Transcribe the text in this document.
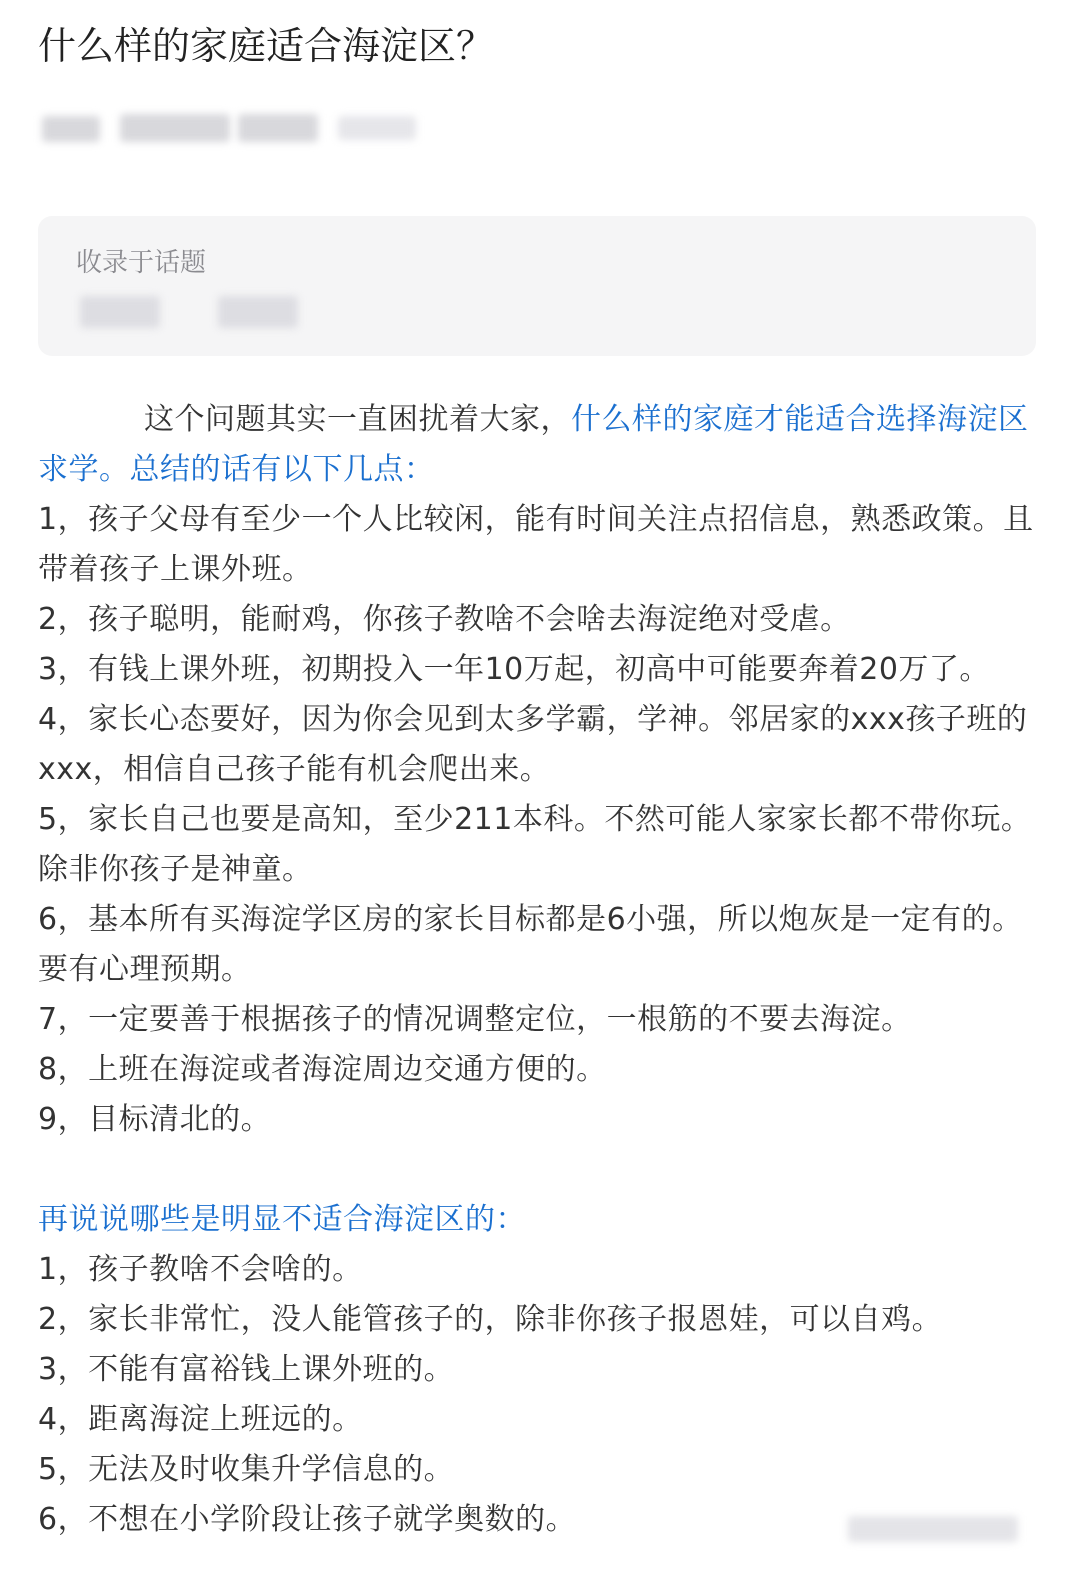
什么样的家庭适合海淀区？
收录于话题

这个问题其实一直困扰着大家，什么样的家庭才能适合选择海淀区求学。总结的话有以下几点：

1，孩子父母有至少一个人比较闲，能有时间关注点招信息，熟悉政策。且带着孩子上课外班。
2，孩子聪明，能耐鸡，你孩子教啥不会啥去海淀绝对受虐。
3，有钱上课外班，初期投入一年10万起，初高中可能要奔着20万了。
4，家长心态要好，因为你会见到太多学霸，学神。邻居家的xxx孩子班的xxx，相信自己孩子能有机会爬出来。
5，家长自己也要是高知，至少211本科。不然可能人家家长都不带你玩。除非你孩子是神童。
6，基本所有买海淀学区房的家长目标都是6小强，所以炮灰是一定有的。要有心理预期。
7，一定要善于根据孩子的情况调整定位，一根筋的不要去海淀。
8，上班在海淀或者海淀周边交通方便的。
9，目标清北的。

再说说哪些是明显不适合海淀区的：

1，孩子教啥不会啥的。
2，家长非常忙，没人能管孩子的，除非你孩子报恩娃，可以自鸡。
3，不能有富裕钱上课外班的。
4，距离海淀上班远的。
5，无法及时收集升学信息的。
6，不想在小学阶段让孩子就学奥数的。
